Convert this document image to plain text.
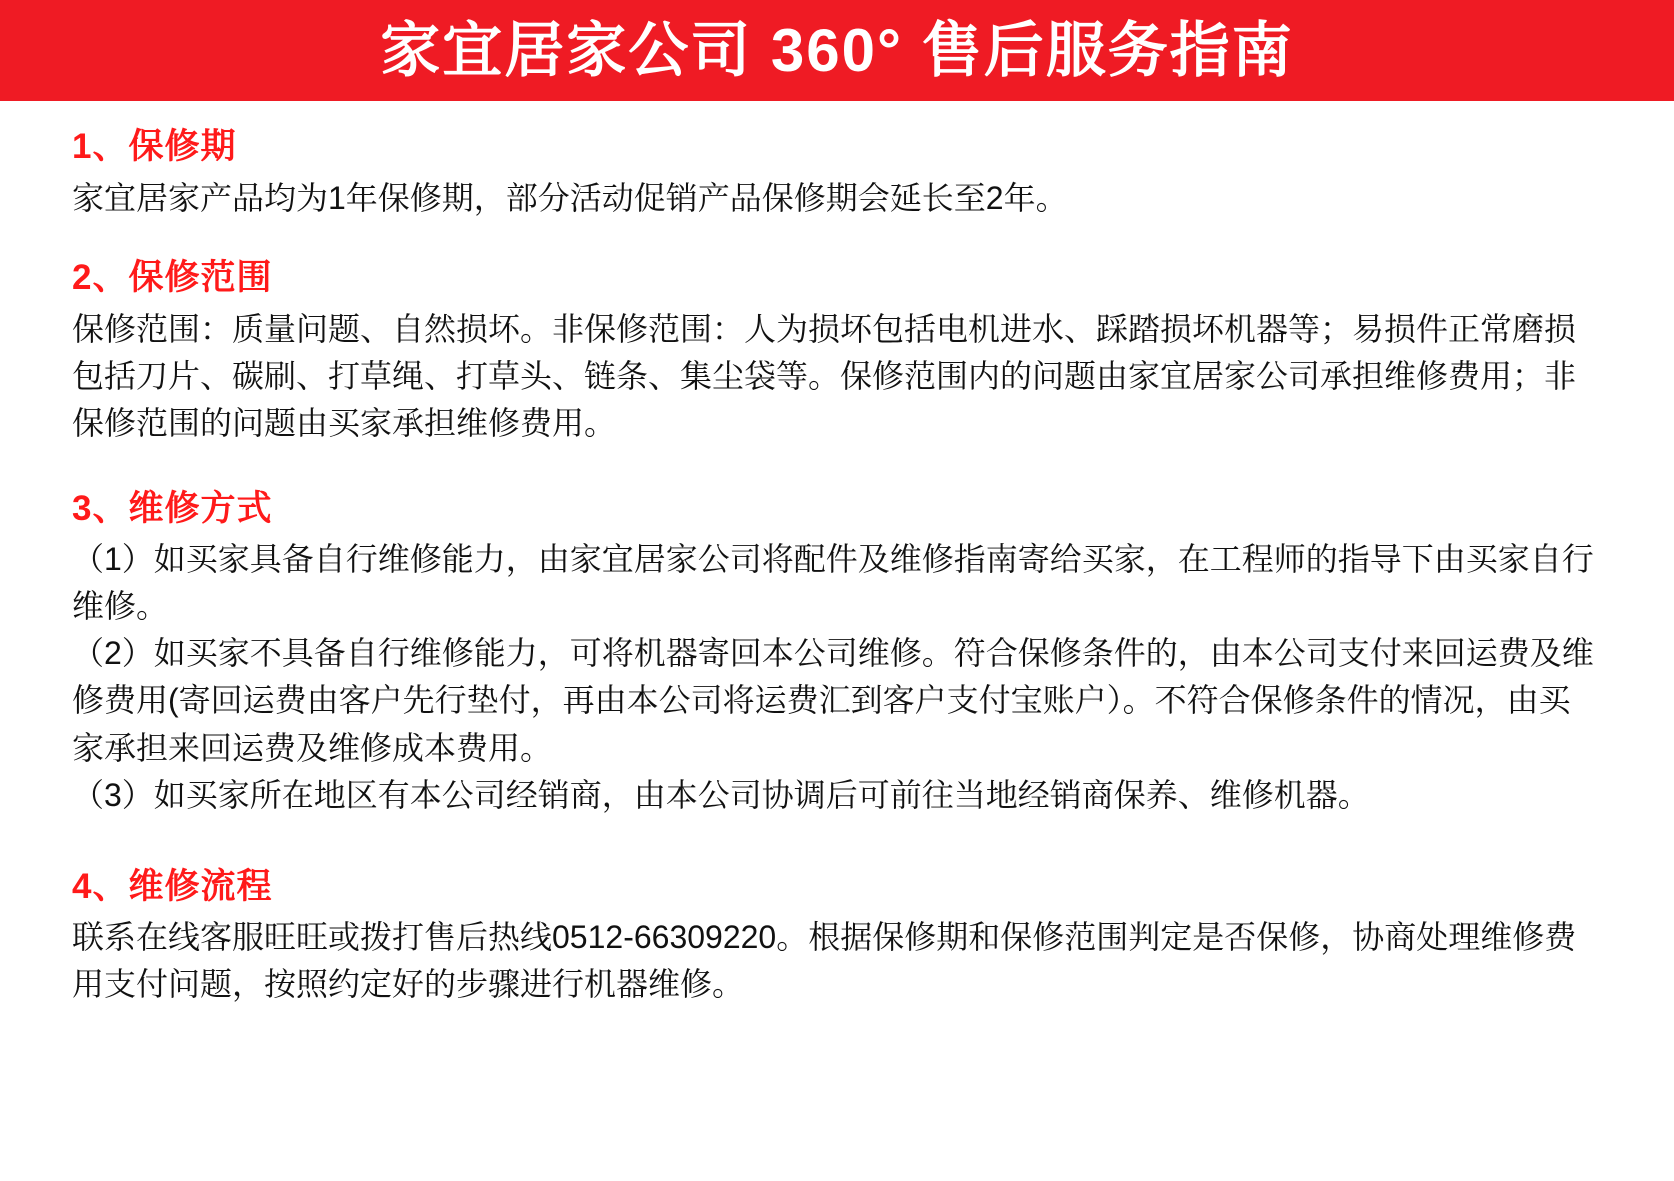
家宜居家公司 360° 售后服务指南
1、保修期

家宜居家产品均为1年保修期，部分活动促销产品保修期会延长至2年。

2、保修范围

保修范围：质量问题、自然损坏。非保修范围：人为损坏包括电机进水、踩踏损坏机器等；易损件正常磨损包括刀片、碳刷、打草绳、打草头、链条、集尘袋等。保修范围内的问题由家宜居家公司承担维修费用；非保修范围的问题由买家承担维修费用。

3、维修方式

（1）如买家具备自行维修能力，由家宜居家公司将配件及维修指南寄给买家，在工程师的指导下由买家自行维修。

（2）如买家不具备自行维修能力，可将机器寄回本公司维修。符合保修条件的，由本公司支付来回运费及维修费用(寄回运费由客户先行垫付，再由本公司将运费汇到客户支付宝账户）。不符合保修条件的情况，由买家承担来回运费及维修成本费用。

（3）如买家所在地区有本公司经销商，由本公司协调后可前往当地经销商保养、维修机器。

4、维修流程

联系在线客服旺旺或拨打售后热线0512-66309220。根据保修期和保修范围判定是否保修，协商处理维修费用支付问题，按照约定好的步骤进行机器维修。
